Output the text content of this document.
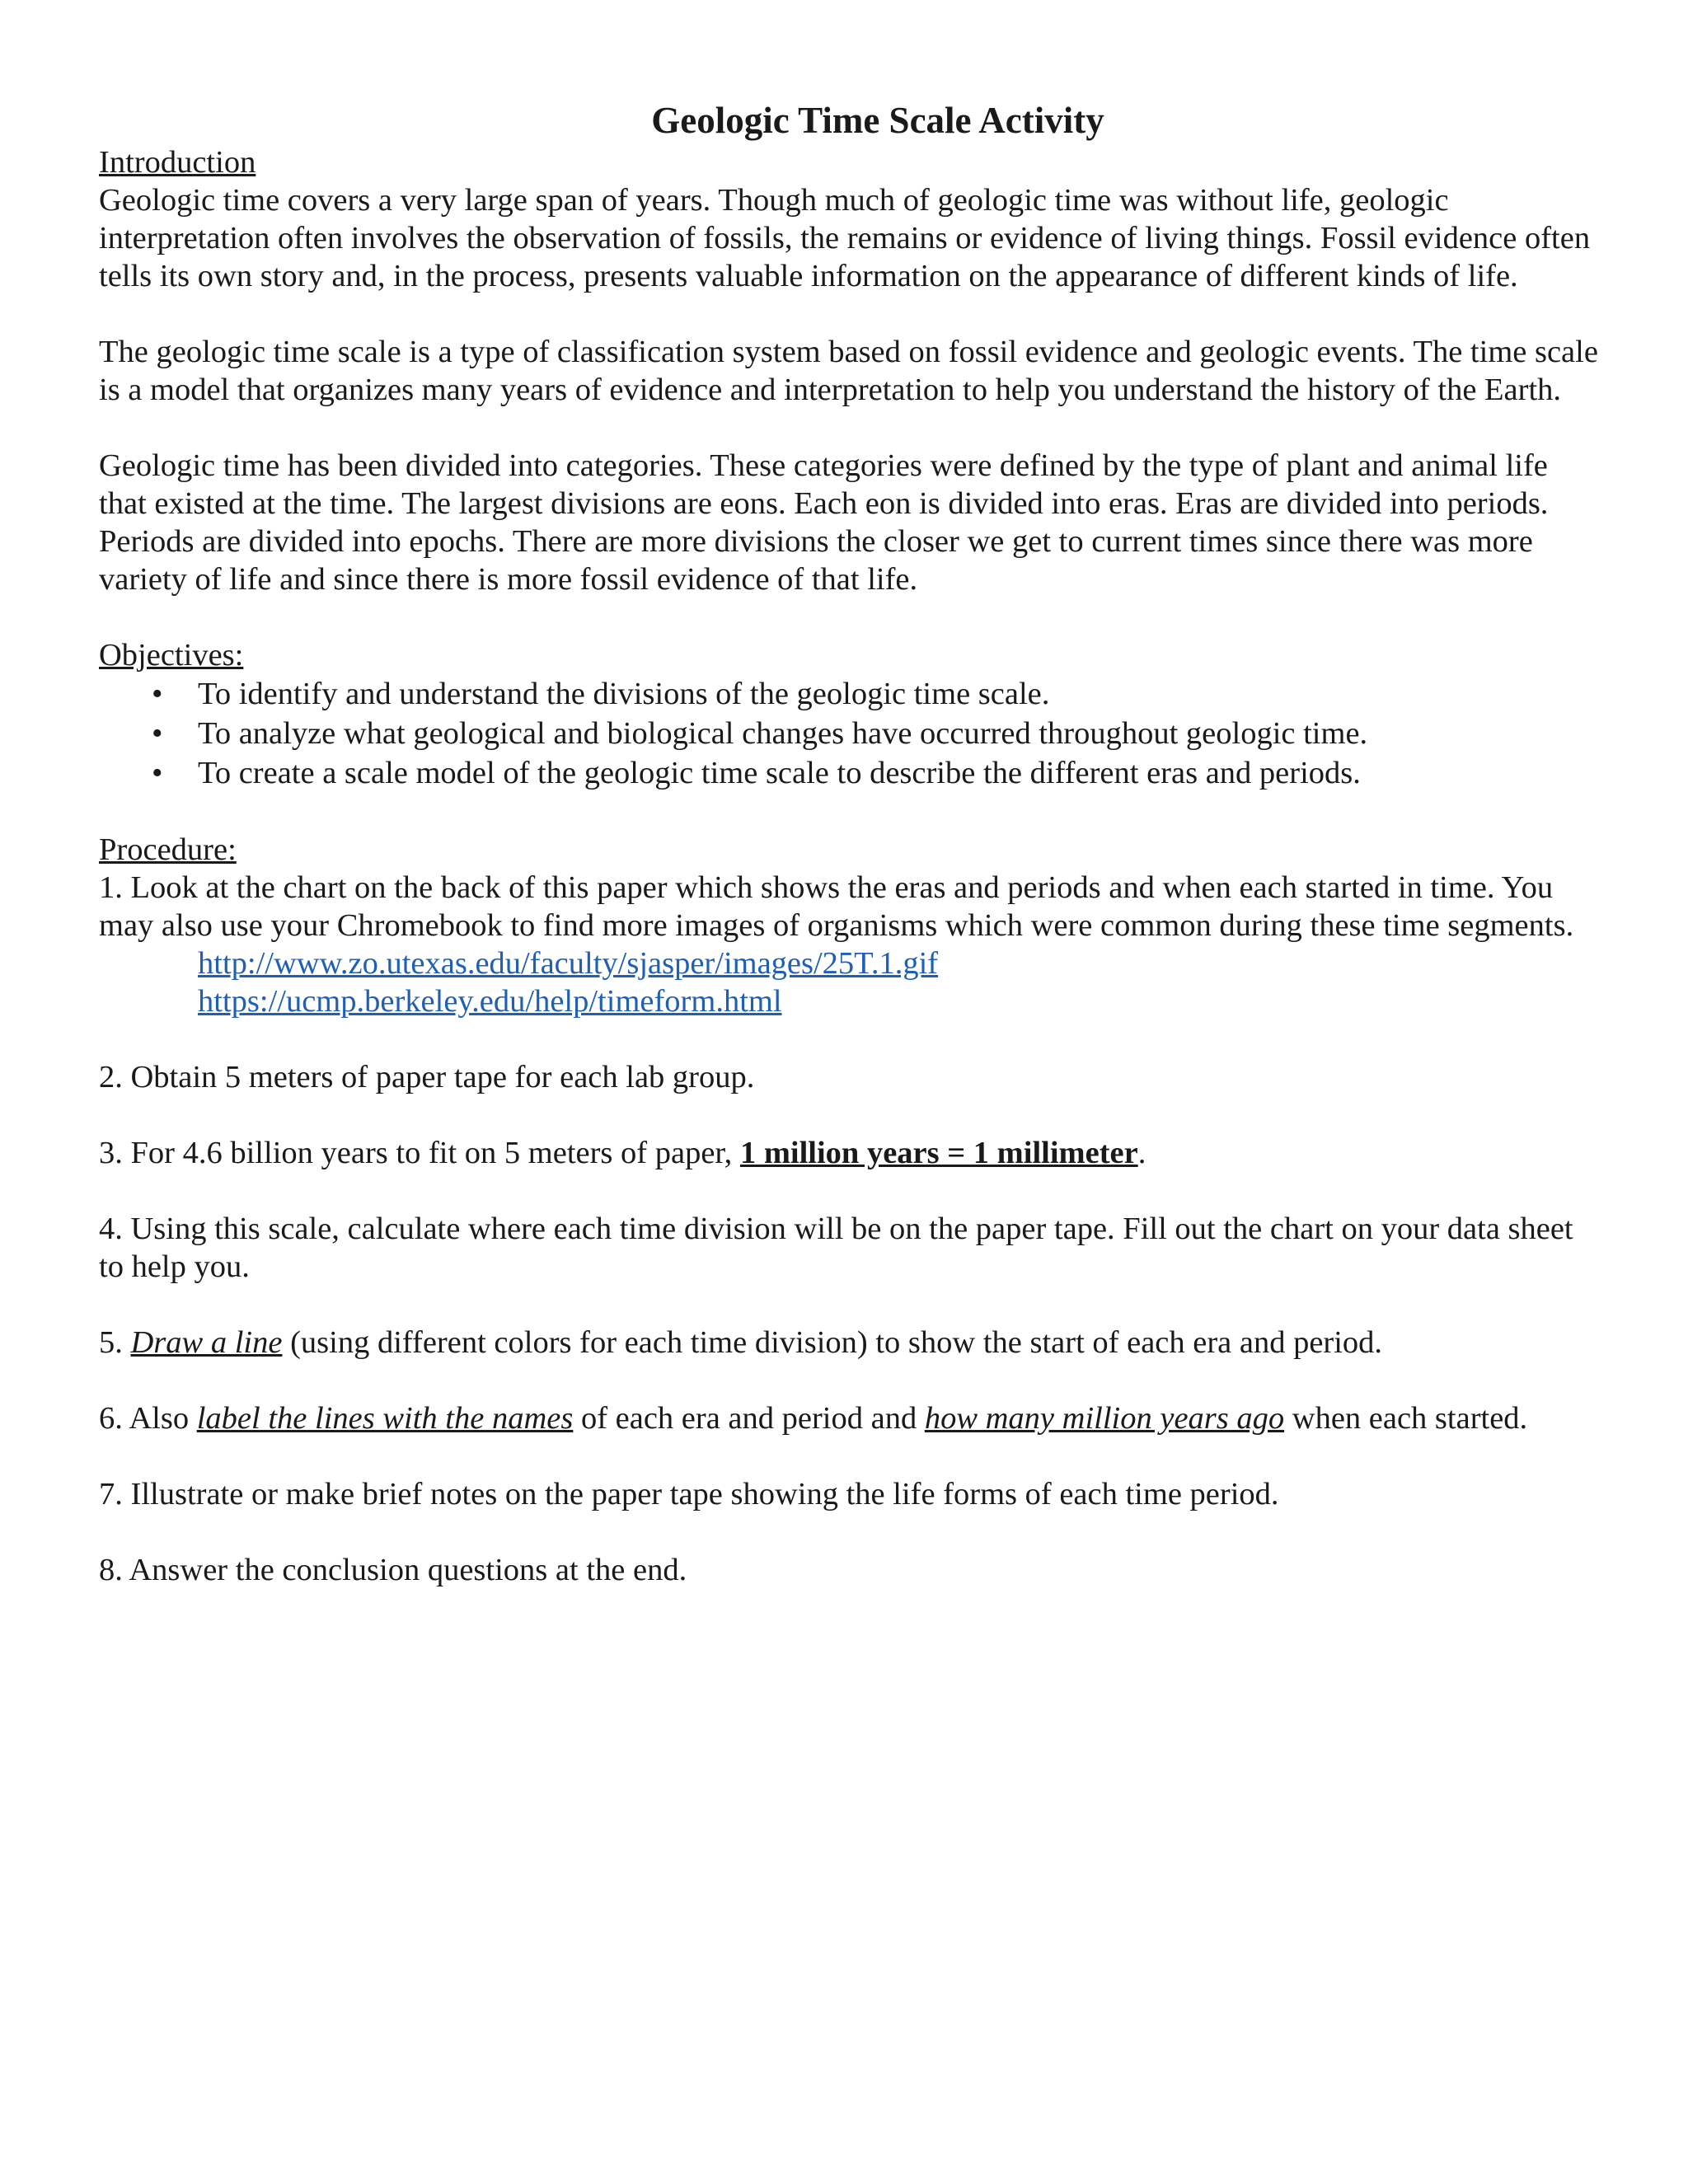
Geologic Time Scale Activity
Introduction

Geologic time covers a very large span of years. Though much of geologic time was without life, geologic interpretation often involves the observation of fossils, the remains or evidence of living things. Fossil evidence often tells its own story and, in the process, presents valuable information on the appearance of different kinds of life.

The geologic time scale is a type of classification system based on fossil evidence and geologic events. The time scale is a model that organizes many years of evidence and interpretation to help you understand the history of the Earth.

Geologic time has been divided into categories. These categories were defined by the type of plant and animal life that existed at the time. The largest divisions are eons. Each eon is divided into eras. Eras are divided into periods. Periods are divided into epochs. There are more divisions the closer we get to current times since there was more variety of life and since there is more fossil evidence of that life.

Objectives:
• To identify and understand the divisions of the geologic time scale.
• To analyze what geological and biological changes have occurred throughout geologic time.
• To create a scale model of the geologic time scale to describe the different eras and periods.
Procedure:

1. Look at the chart on the back of this paper which shows the eras and periods and when each started in time. You may also use your Chromebook to find more images of organisms which were common during these time segments.

http://www.zo.utexas.edu/faculty/sjasper/images/25T.1.gif
https://ucmp.berkeley.edu/help/timeform.html

2. Obtain 5 meters of paper tape for each lab group.

3. For 4.6 billion years to fit on 5 meters of paper, 1 million years = 1 millimeter.

4. Using this scale, calculate where each time division will be on the paper tape. Fill out the chart on your data sheet to help you.

5. Draw a line (using different colors for each time division) to show the start of each era and period.

6. Also label the lines with the names of each era and period and how many million years ago when each started.

7. Illustrate or make brief notes on the paper tape showing the life forms of each time period.

8. Answer the conclusion questions at the end.
